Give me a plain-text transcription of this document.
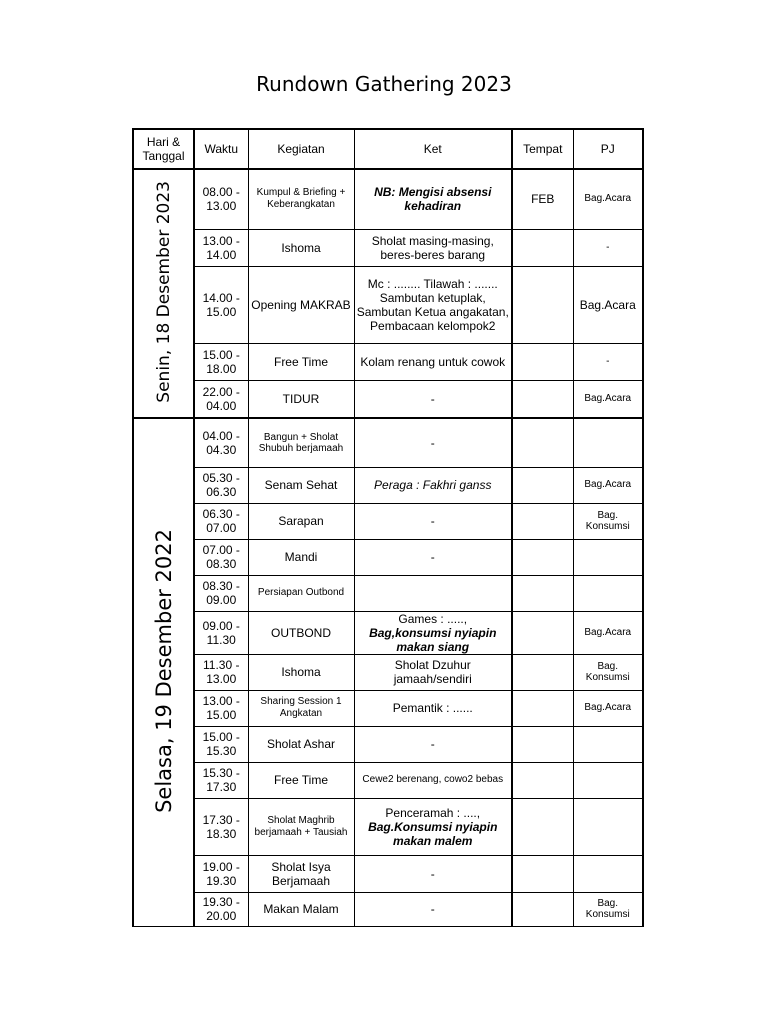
Rundown Gathering 2023
Hari & Tanggal	Waktu	Kegiatan	Ket	Tempat	PJ
Senin, 18 Desember 2023	08.00 - 13.00	Kumpul & Briefing + Keberangkatan	NB: Mengisi absensi kehadiran	FEB	Bag.Acara
	13.00 - 14.00	Ishoma	Sholat masing-masing, beres-beres barang		-
	14.00 - 15.00	Opening MAKRAB	Mc : ........ Tilawah : ....... Sambutan ketuplak, Sambutan Ketua angakatan, Pembacaan kelompok2		Bag.Acara
	15.00 - 18.00	Free Time	Kolam renang untuk cowok		-
	22.00 - 04.00	TIDUR	-		Bag.Acara
Selasa, 19 Desember 2022	04.00 - 04.30	Bangun + Sholat Shubuh berjamaah	-		
	05.30 - 06.30	Senam Sehat	Peraga : Fakhri ganss		Bag.Acara
	06.30 - 07.00	Sarapan	-		Bag. Konsumsi
	07.00 - 08.30	Mandi	-		
	08.30 - 09.00	Persiapan Outbond			
	09.00 - 11.30	OUTBOND	Games : ....., Bag,konsumsi nyiapin makan siang		Bag.Acara
	11.30 - 13.00	Ishoma	Sholat Dzuhur jamaah/sendiri		Bag. Konsumsi
	13.00 - 15.00	Sharing Session 1 Angkatan	Pemantik : ......		Bag.Acara
	15.00 - 15.30	Sholat Ashar	-		
	15.30 - 17.30	Free Time	Cewe2 berenang, cowo2 bebas		
	17.30 - 18.30	Sholat Maghrib berjamaah + Tausiah	Penceramah : ...., Bag.Konsumsi nyiapin makan malem		
	19.00 - 19.30	Sholat Isya Berjamaah	-		
	19.30 - 20.00	Makan Malam	-		Bag. Konsumsi
